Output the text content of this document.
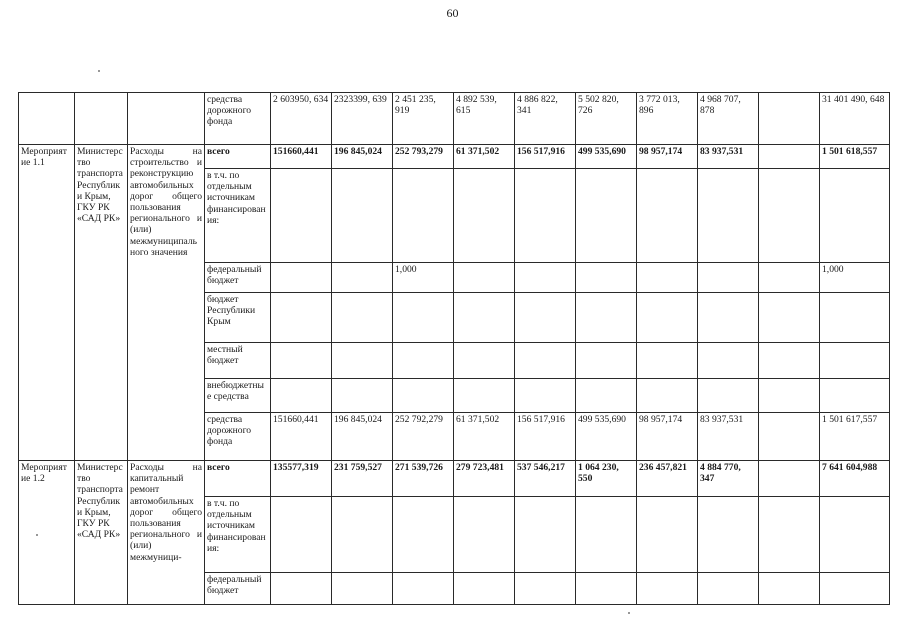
60
			средства дорожного фонда	2 603950, 634	2323399, 639	2 451 235, 919	4 892 539, 615	4 886 822, 341	5 502 820, 726	3 772 013, 896	4 968 707, 878		31 401 490, 648
Мероприятие 1.1	Министерство транспорта Республики Крым, ГКУ РК «САД РК»	Расходы на строительство и реконструкцию автомобильных дорог общего пользования регионального и (или) межмуниципального значения	всего	151660,441	196 845,024	252 793,279	61 371,502	156 517,916	499 535,690	98 957,174	83 937,531		1 501 618,557
			в т.ч. по отдельным источникам финансирования:										
			федеральный бюджет			1,000							1,000
			бюджет Республики Крым										
			местный бюджет										
			внебюджетные средства										
			средства дорожного фонда	151660,441	196 845,024	252 792,279	61 371,502	156 517,916	499 535,690	98 957,174	83 937,531		1 501 617,557
Мероприятие 1.2	Министерство транспорта Республики Крым, ГКУ РК «САД РК»	Расходы на капитальный ремонт автомобильных дорог общего пользования регионального и (или) межмуници-	всего	135577,319	231 759,527	271 539,726	279 723,481	537 546,217	1 064 230, 550	236 457,821	4 884 770, 347		7 641 604,988
			в т.ч. по отдельным источникам финансирования:										
			федеральный бюджет										
